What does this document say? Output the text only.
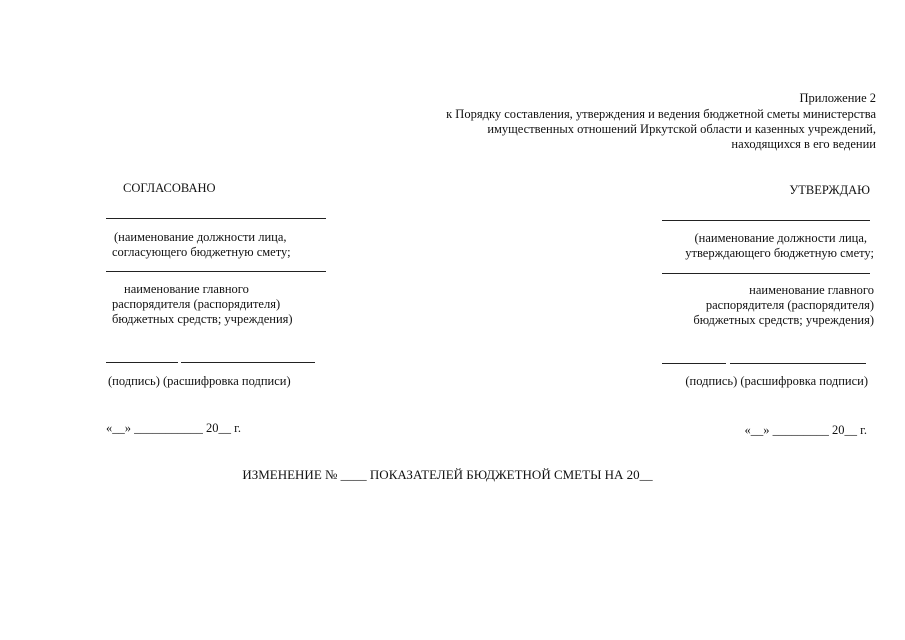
Приложение 2
к Порядку составления, утверждения и ведения бюджетной сметы министерства
имущественных отношений Иркутской области и казенных учреждений,
находящихся в его ведении
СОГЛАСОВАНО
(наименование должности лица,
согласующего бюджетную смету;
наименование главного
распорядителя (распорядителя)
бюджетных средств; учреждения)
(подпись) (расшифровка подписи)
«__» ___________ 20__ г.
УТВЕРЖДАЮ
(наименование должности лица,
утверждающего бюджетную смету;
наименование главного
распорядителя (распорядителя)
бюджетных средств; учреждения)
(подпись) (расшифровка подписи)
«__» _________ 20__ г.
ИЗМЕНЕНИЕ № ____ ПОКАЗАТЕЛЕЙ БЮДЖЕТНОЙ СМЕТЫ НА 20__
